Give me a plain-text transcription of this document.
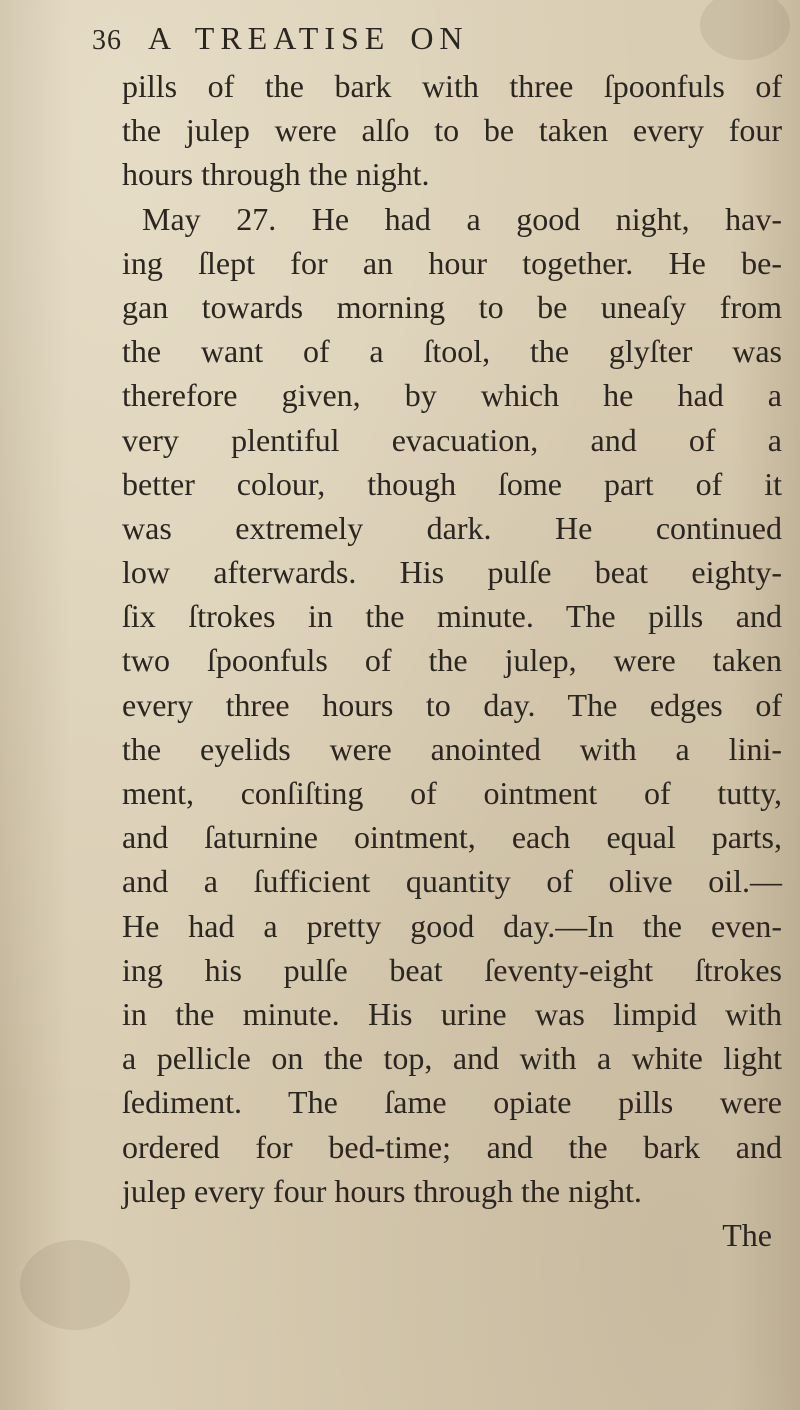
36 A TREATISE ON
pills of the bark with three ſpoonfuls of
the julep were alſo to be taken every four
hours through the night.
May 27. He had a good night, hav-
ing ſlept for an hour together. He be-
gan towards morning to be uneaſy from
the want of a ſtool, the glyſter was
therefore given, by which he had a
very plentiful evacuation, and of a
better colour, though ſome part of it
was extremely dark. He continued
low afterwards. His pulſe beat eighty-
ſix ſtrokes in the minute. The pills and
two ſpoonfuls of the julep, were taken
every three hours to day. The edges of
the eyelids were anointed with a lini-
ment, conſiſting of ointment of tutty,
and ſaturnine ointment, each equal parts,
and a ſufficient quantity of olive oil.—
He had a pretty good day.—In the even-
ing his pulſe beat ſeventy-eight ſtrokes
in the minute. His urine was limpid with
a pellicle on the top, and with a white light
ſediment. The ſame opiate pills were
ordered for bed-time; and the bark and
julep every four hours through the night.
The
